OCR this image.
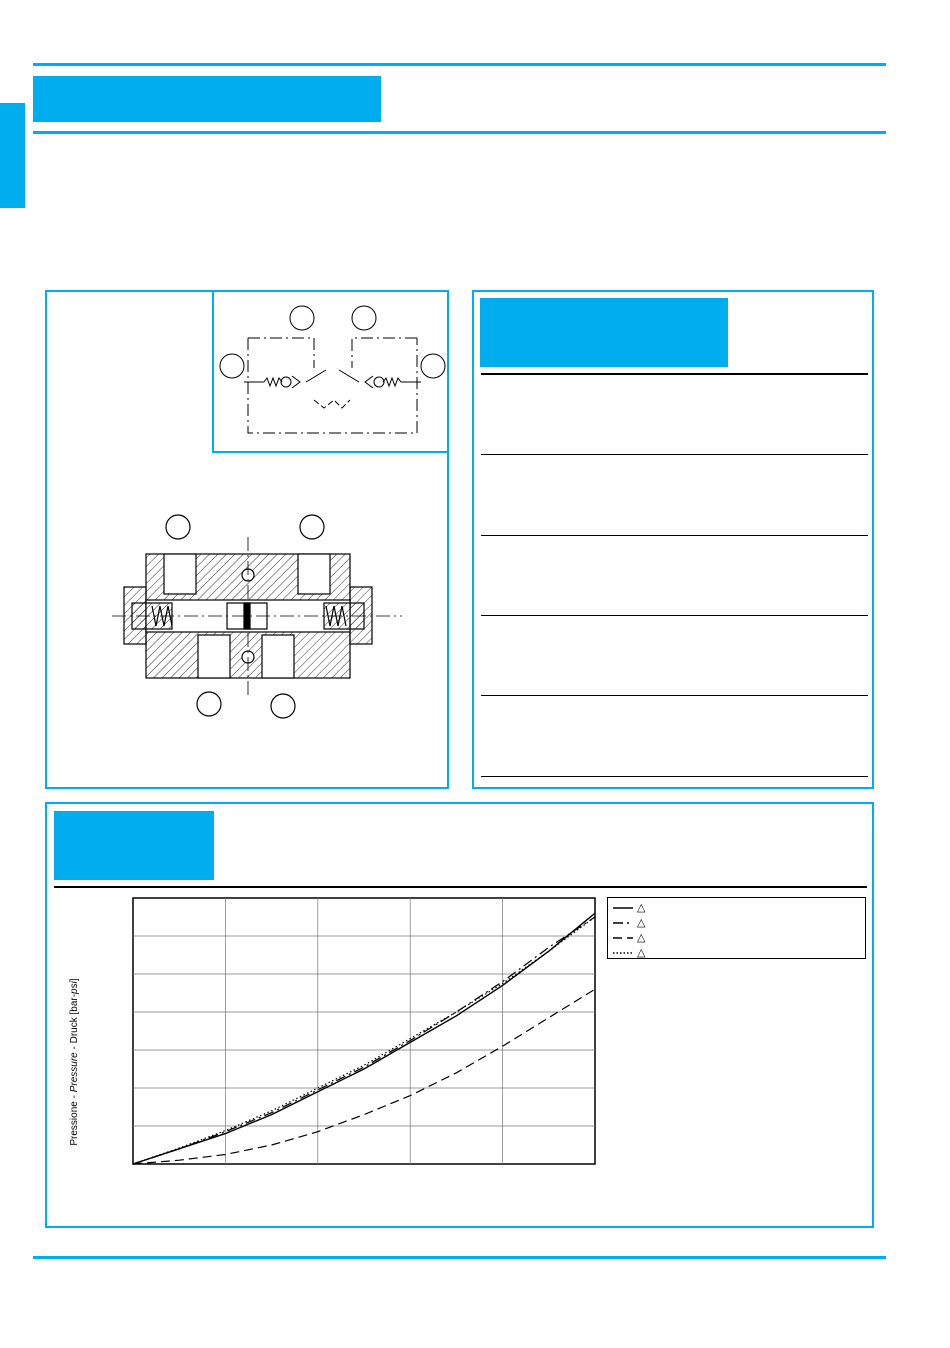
Pressione - Pressure - Druck [bar-psi]
△
△
△
△
